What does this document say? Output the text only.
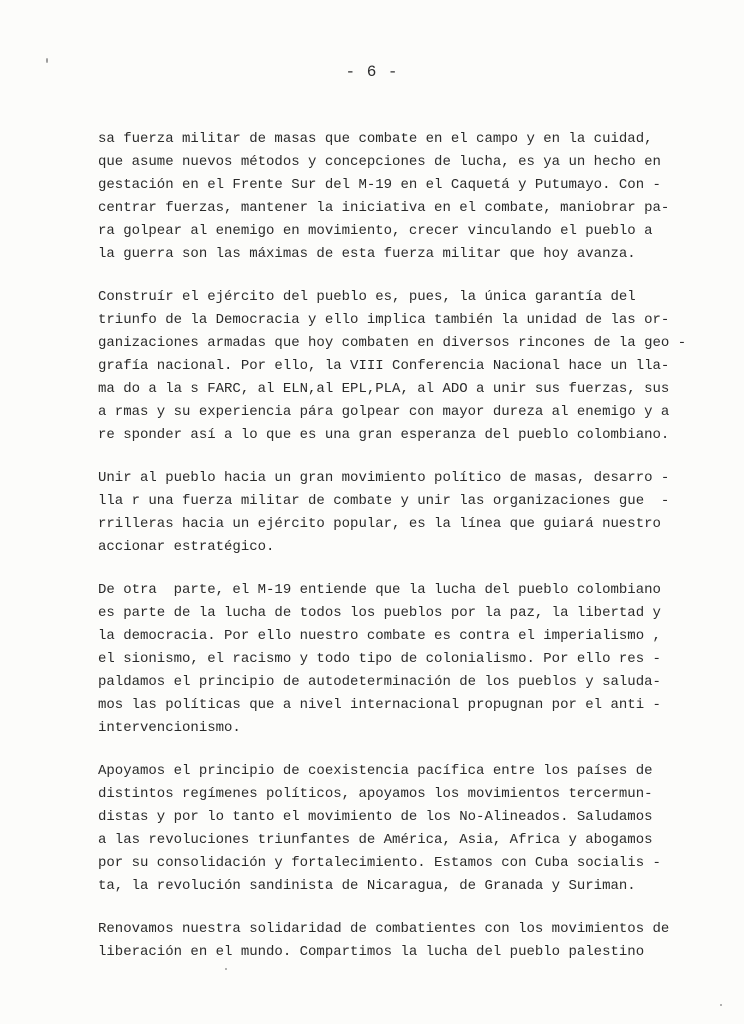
- 6 -
sa fuerza militar de masas que combate en el campo y en la cuidad,
que asume nuevos métodos y concepciones de lucha, es ya un hecho en
gestación en el Frente Sur del M-19 en el Caquetá y Putumayo. Con -
centrar fuerzas, mantener la iniciativa en el combate, maniobrar pa-
ra golpear al enemigo en movimiento, crecer vinculando el pueblo a
la guerra son las máximas de esta fuerza militar que hoy avanza.
Construír el ejército del pueblo es, pues, la única garantía del
triunfo de la Democracia y ello implica también la unidad de las or-
ganizaciones armadas que hoy combaten en diversos rincones de la geo -
grafía nacional. Por ello, la VIII Conferencia Nacional hace un lla-
ma do a la s FARC, al ELN,al EPL,PLA, al ADO a unir sus fuerzas, sus
a rmas y su experiencia pára golpear con mayor dureza al enemigo y a
re sponder así a lo que es una gran esperanza del pueblo colombiano.
Unir al pueblo hacia un gran movimiento político de masas, desarro -
lla r una fuerza militar de combate y unir las organizaciones gue  -
rrilleras hacia un ejército popular, es la línea que guiará nuestro
accionar estratégico.
De otra  parte, el M-19 entiende que la lucha del pueblo colombiano
es parte de la lucha de todos los pueblos por la paz, la libertad y
la democracia. Por ello nuestro combate es contra el imperialismo ,
el sionismo, el racismo y todo tipo de colonialismo. Por ello res -
paldamos el principio de autodeterminación de los pueblos y saluda-
mos las políticas que a nivel internacional propugnan por el anti -
intervencionismo.
Apoyamos el principio de coexistencia pacífica entre los países de
distintos regímenes políticos, apoyamos los movimientos tercermun-
distas y por lo tanto el movimiento de los No-Alineados. Saludamos
a las revoluciones triunfantes de América, Asia, Africa y abogamos
por su consolidación y fortalecimiento. Estamos con Cuba socialis -
ta, la revolución sandinista de Nicaragua, de Granada y Suriman.
Renovamos nuestra solidaridad de combatientes con los movimientos de
liberación en el mundo. Compartimos la lucha del pueblo palestino
